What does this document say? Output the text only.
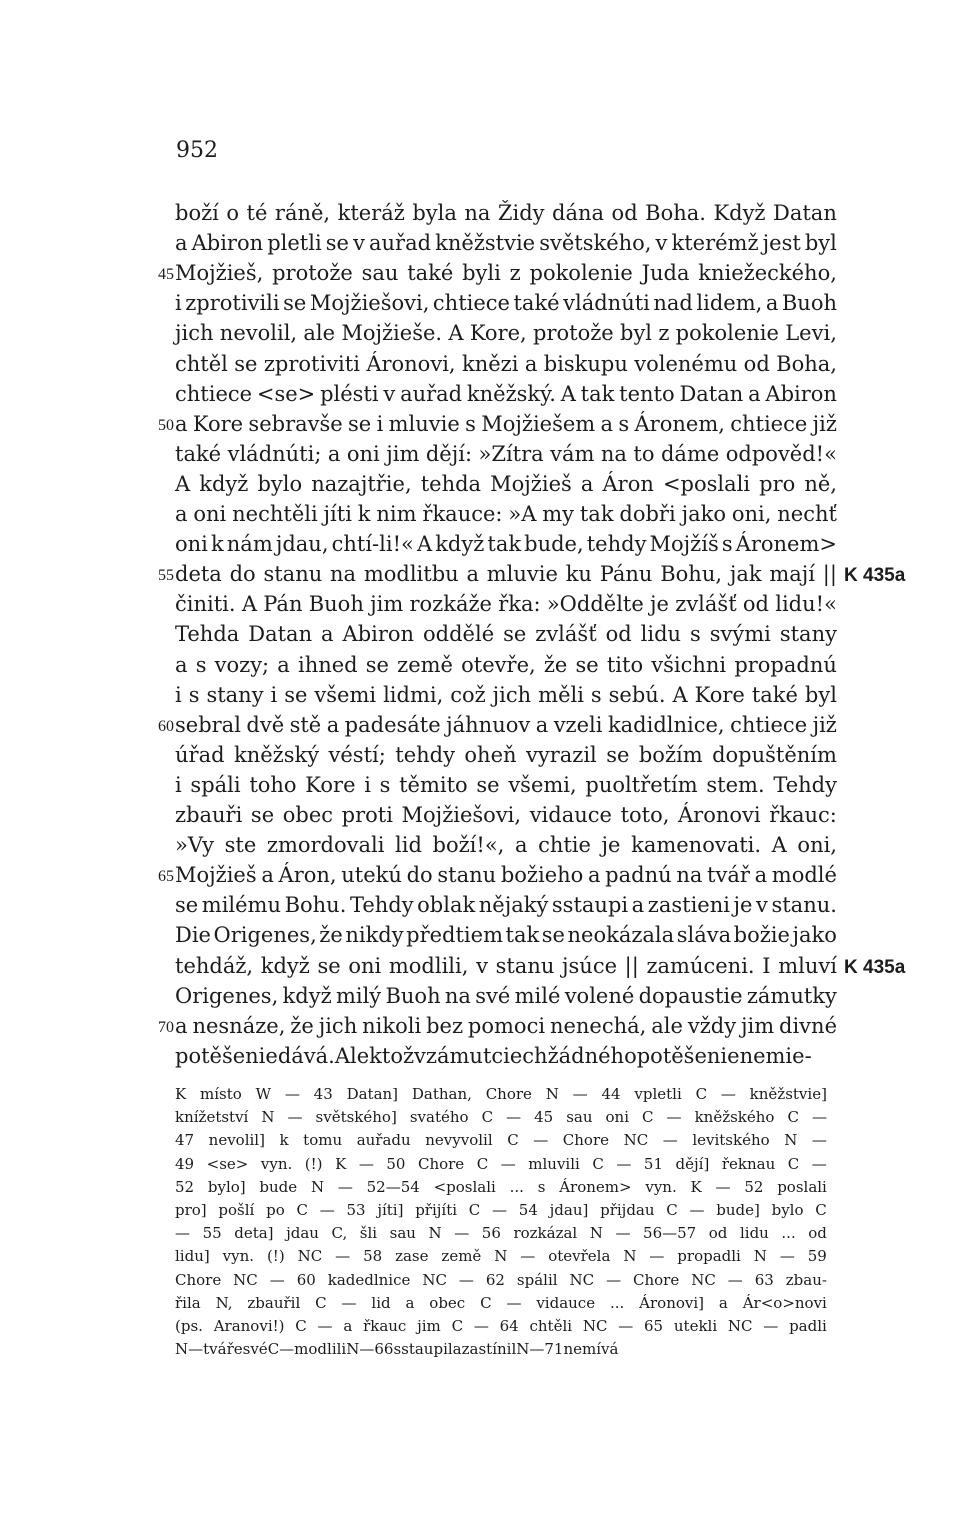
952
boží o té ráně, kteráž byla na Židy dána od Boha. Když Datan
a Abiron pletli se v auřad kněžstvie světského, v kterémž jest byl
Mojžieš, protože sau také byli z pokolenie Juda kniežeckého,
i zprotivili se Mojžiešovi, chtiece také vládnúti nad lidem, a Buoh
jich nevolil, ale Mojžieše. A Kore, protože byl z pokolenie Levi,
chtěl se zprotiviti Áronovi, knězi a biskupu volenému od Boha,
chtiece <se> plésti v auřad kněžský. A tak tento Datan a Abiron
a Kore sebravše se i mluvie s Mojžiešem a s Áronem, chtiece již
také vládnúti; a oni jim dějí: »Zítra vám na to dáme odpověd!«
A když bylo nazajtřie, tehda Mojžieš a Áron <poslali pro ně,
a oni nechtěli jíti k nim řkauce: »A my tak dobři jako oni, nechť
oni k nám jdau, chtí-li!« A když tak bude, tehdy Mojžíš s Áronem>
deta do stanu na modlitbu a mluvie ku Pánu Bohu, jak mají ||
činiti. A Pán Buoh jim rozkáže řka: »Oddělte je zvlášť od lidu!«
Tehda Datan a Abiron oddělé se zvlášť od lidu s svými stany
a s vozy; a ihned se země otevře, že se tito všichni propadnú
i s stany i se všemi lidmi, což jich měli s sebú. A Kore také byl
sebral dvě stě a padesáte jáhnuov a vzeli kadidlnice, chtiece již
úřad kněžský véstí; tehdy oheň vyrazil se božím dopuštěním
i spáli toho Kore i s těmito se všemi, puoltřetím stem. Tehdy
zbauři se obec proti Mojžiešovi, vidauce toto, Áronovi řkauc:
»Vy ste zmordovali lid boží!«, a chtie je kamenovati. A oni,
Mojžieš a Áron, utekú do stanu božieho a padnú na tvář a modlé
se milému Bohu. Tehdy oblak nějaký sstaupi a zastieni je v stanu.
Die Origenes, že nikdy předtiem tak se neokázala sláva božie jako
tehdáž, když se oni modlili, v stanu jsúce || zamúceni. I mluví
Origenes, když milý Buoh na své milé volené dopaustie zámutky
a nesnáze, že jich nikoli bez pomoci nenechá, ale vždy jim divné
potěšenie dává. Ale ktož v zámutciech žádného potěšenie nemie-
45
50
55
60
65
70
K 435a
K 435a
K místo W — 43 Datan] Dathan, Chore N — 44 vpletli C — kněžstvie]
knížetství N — světského] svatého C — 45 sau oni C — kněžského C —
47 nevolil] k tomu auřadu nevyvolil C — Chore NC — levitského N —
49 <se> vyn. (!) K — 50 Chore C — mluvili C — 51 dějí] řeknau C —
52 bylo] bude N — 52—54 <poslali ... s Áronem> vyn. K — 52 poslali
pro] pošlí po C — 53 jíti] přijíti C — 54 jdau] přijdau C — bude] bylo C
— 55 deta] jdau C, šli sau N — 56 rozkázal N — 56—57 od lidu ... od
lidu] vyn. (!) NC — 58 zase země N — otevřela N — propadli N — 59
Chore NC — 60 kadedlnice NC — 62 spálil NC — Chore NC — 63 zbau-
řila N, zbauřil C — lid a obec C — vidauce ... Áronovi] a Ár<o>novi
(ps. Aranovi!) C — a řkauc jim C — 64 chtěli NC — 65 utekli NC — padli
N — tváře své C — modlili N — 66 sstaupil a zastínil N — 71 nemívá
